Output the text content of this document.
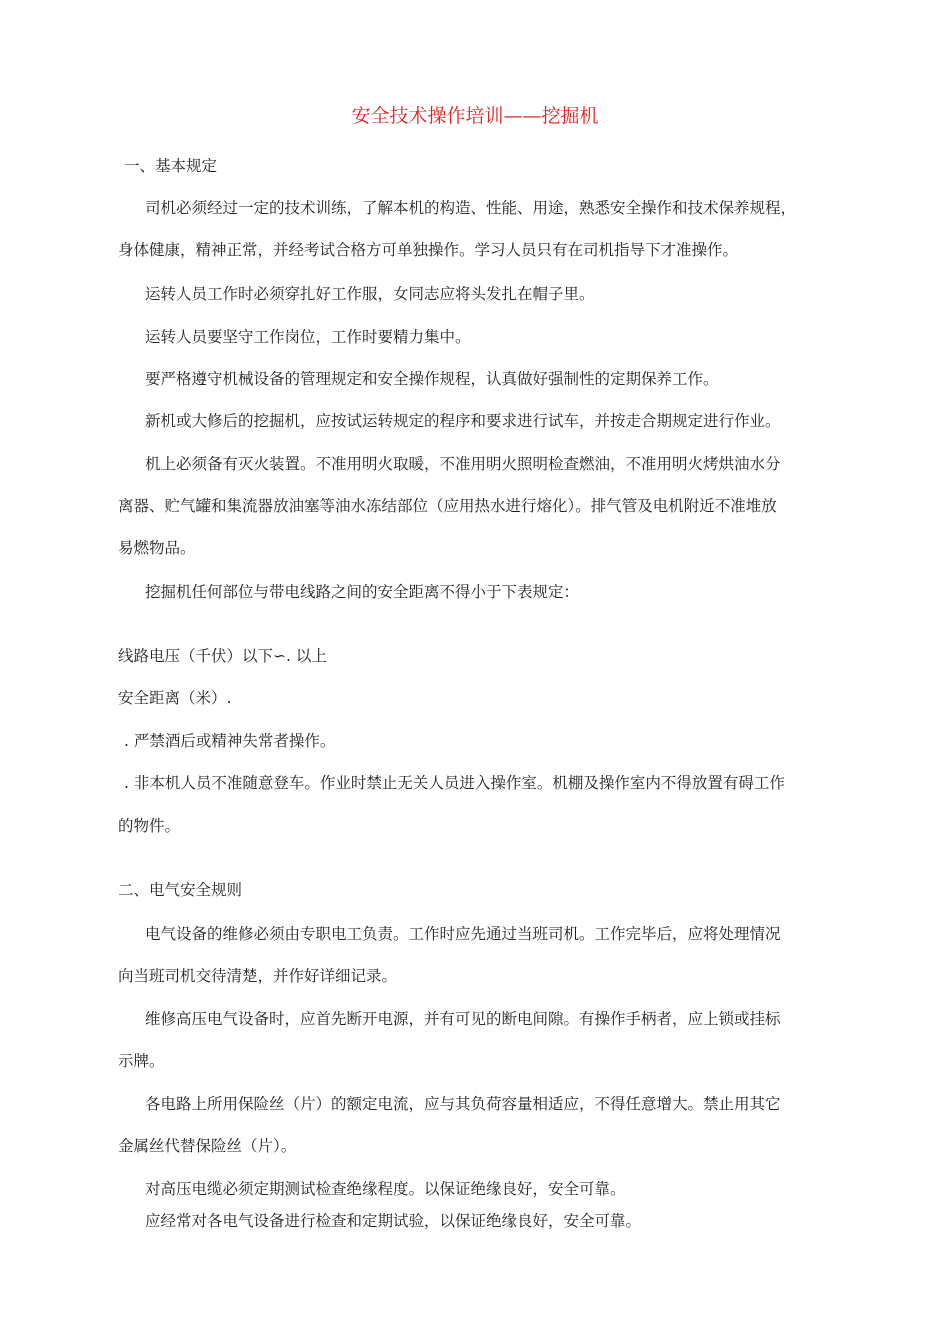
安全技术操作培训——挖掘机

一、基本规定

司机必须经过一定的技术训练，了解本机的构造、性能、用途，熟悉安全操作和技术保养规程，

身体健康，精神正常，并经考试合格方可单独操作。学习人员只有在司机指导下才准操作。

运转人员工作时必须穿扎好工作服，女同志应将头发扎在帽子里。

运转人员要坚守工作岗位，工作时要精力集中。

要严格遵守机械设备的管理规定和安全操作规程，认真做好强制性的定期保养工作。

新机或大修后的挖掘机，应按试运转规定的程序和要求进行试车，并按走合期规定进行作业。

机上必须备有灭火装置。不准用明火取暖，不准用明火照明检查燃油，不准用明火烤烘油水分

离器、贮气罐和集流器放油塞等油水冻结部位（应用热水进行熔化）。排气管及电机附近不准堆放

易燃物品。

挖掘机任何部位与带电线路之间的安全距离不得小于下表规定：

线路电压（千伏）以下∽. 以上

安全距离（米）.

. 严禁酒后或精神失常者操作。

. 非本机人员不准随意登车。作业时禁止无关人员进入操作室。机棚及操作室内不得放置有碍工作

的物件。

二、电气安全规则

电气设备的维修必须由专职电工负责。工作时应先通过当班司机。工作完毕后，应将处理情况

向当班司机交待清楚，并作好详细记录。

维修高压电气设备时，应首先断开电源，并有可见的断电间隙。有操作手柄者，应上锁或挂标

示牌。

各电路上所用保险丝（片）的额定电流，应与其负荷容量相适应，不得任意增大。禁止用其它

金属丝代替保险丝（片）。

对高压电缆必须定期测试检查绝缘程度。以保证绝缘良好，安全可靠。

应经常对各电气设备进行检查和定期试验，以保证绝缘良好，安全可靠。
